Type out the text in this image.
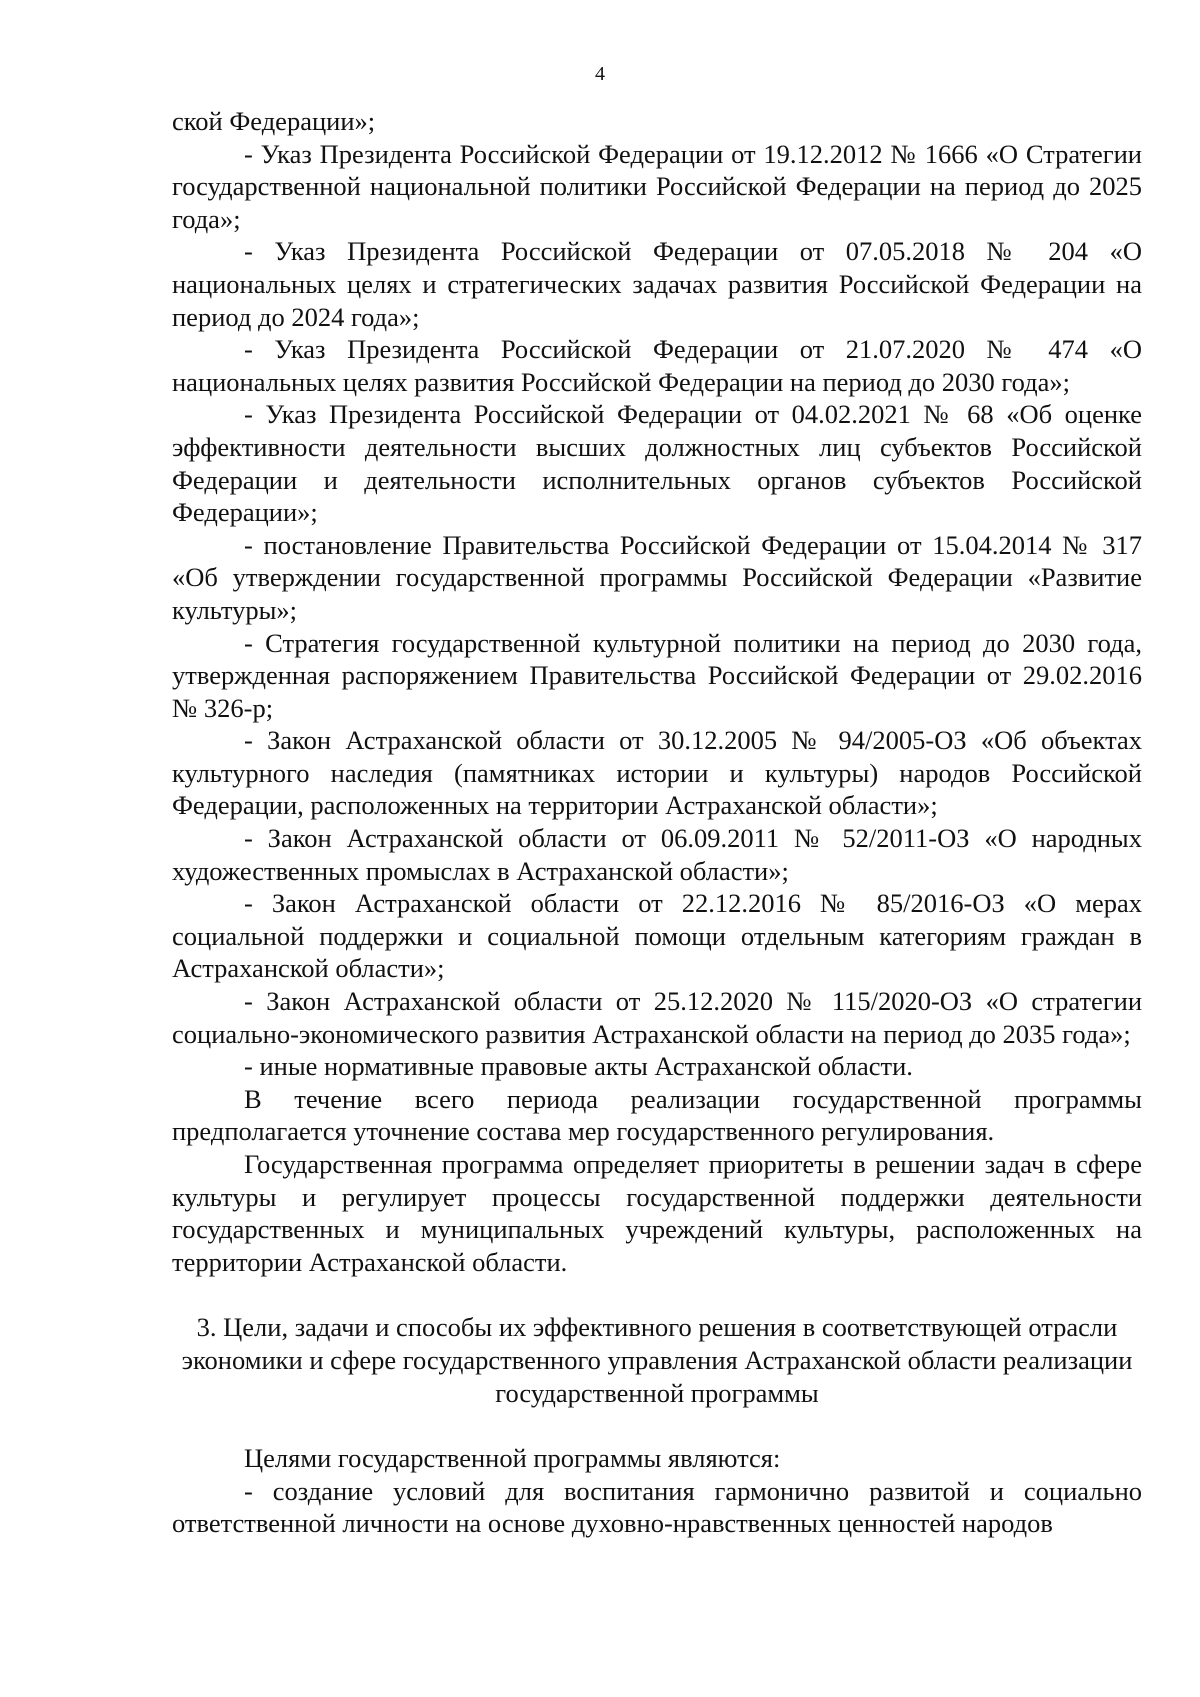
4

ской Федерации»;

- Указ Президента Российской Федерации от 19.12.2012 № 1666 «О Стратегии государственной национальной политики Российской Федерации на период до 2025 года»;

- Указ Президента Российской Федерации от 07.05.2018 № 204 «О национальных целях и стратегических задачах развития Российской Федерации на период до 2024 года»;

- Указ Президента Российской Федерации от 21.07.2020 № 474 «О национальных целях развития Российской Федерации на период до 2030 года»;

- Указ Президента Российской Федерации от 04.02.2021 № 68 «Об оценке эффективности деятельности высших должностных лиц субъектов Российской Федерации и деятельности исполнительных органов субъектов Российской Федерации»;

- постановление Правительства Российской Федерации от 15.04.2014 № 317 «Об утверждении государственной программы Российской Федерации «Развитие культуры»;

- Стратегия государственной культурной политики на период до 2030 года, утвержденная распоряжением Правительства Российской Федерации от 29.02.2016 № 326-р;

- Закон Астраханской области от 30.12.2005 № 94/2005-ОЗ «Об объектах культурного наследия (памятниках истории и культуры) народов Российской Федерации, расположенных на территории Астраханской области»;

- Закон Астраханской области от 06.09.2011 № 52/2011-ОЗ «О народных художественных промыслах в Астраханской области»;

- Закон Астраханской области от 22.12.2016 № 85/2016-ОЗ «О мерах социальной поддержки и социальной помощи отдельным категориям граждан в Астраханской области»;

- Закон Астраханской области от 25.12.2020 № 115/2020-ОЗ «О стратегии социально-экономического развития Астраханской области на период до 2035 года»;

- иные нормативные правовые акты Астраханской области.

В течение всего периода реализации государственной программы предполагается уточнение состава мер государственного регулирования.

Государственная программа определяет приоритеты в решении задач в сфере культуры и регулирует процессы государственной поддержки деятельности государственных и муниципальных учреждений культуры, расположенных на территории Астраханской области.

3. Цели, задачи и способы их эффективного решения в соответствующей отрасли экономики и сфере государственного управления Астраханской области реализации государственной программы

Целями государственной программы являются:

- создание условий для воспитания гармонично развитой и социально ответственной личности на основе духовно-нравственных ценностей народов
